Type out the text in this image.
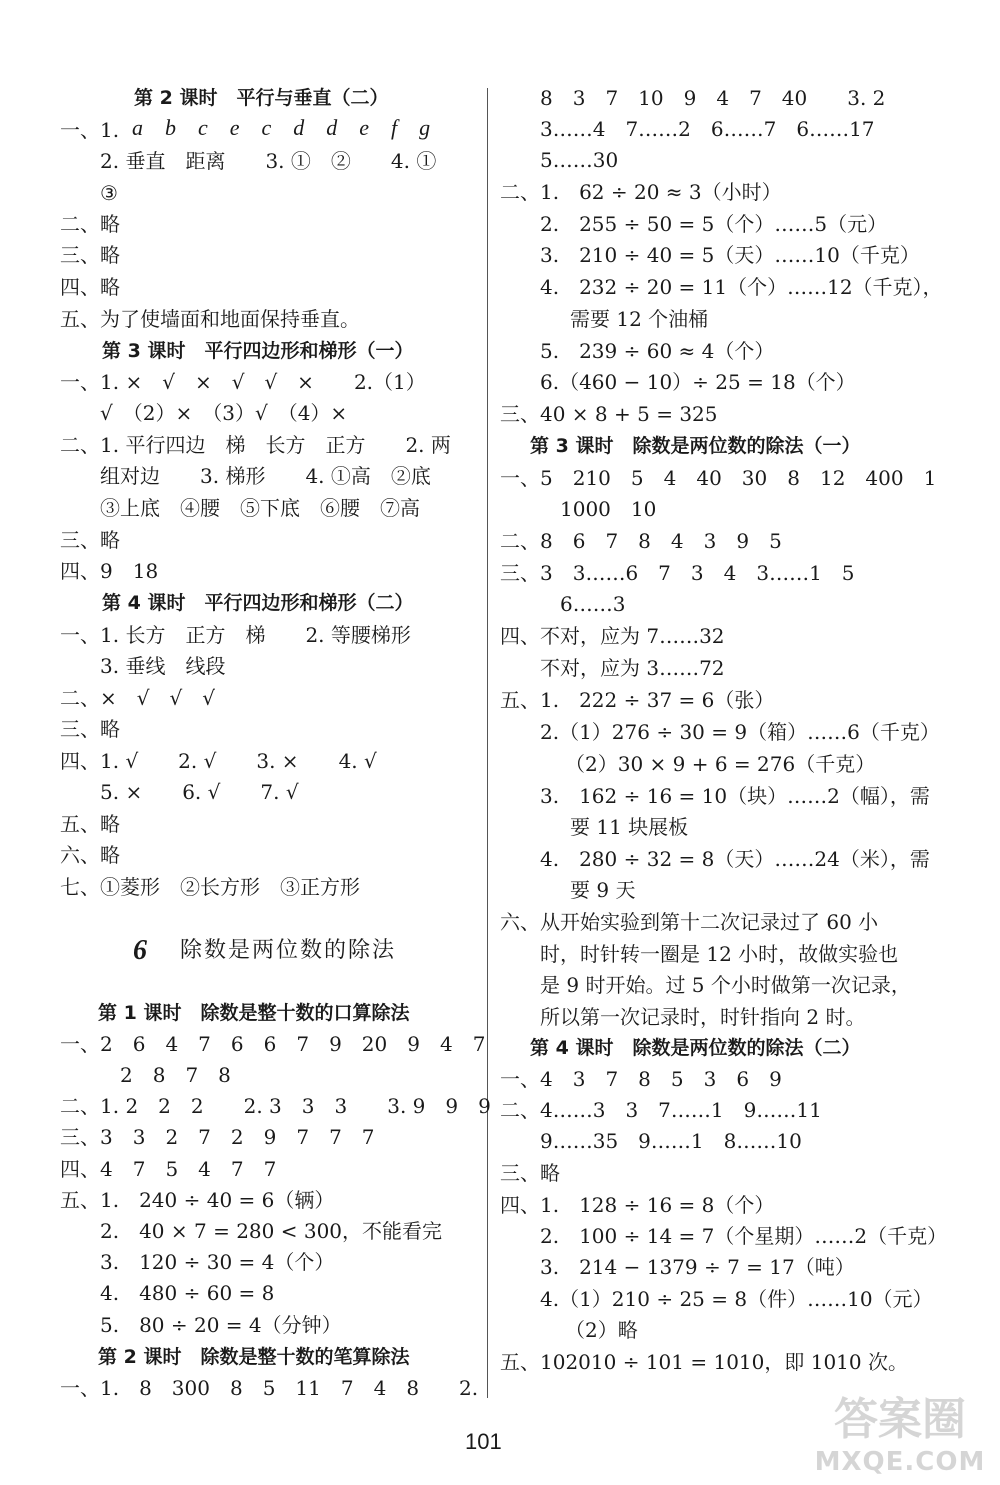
第 2 课时　平行与垂直（二）
一、1. a　b　c　e　c　d　d　e　f　g
2. 垂直　距离　　3. ①　②　　4. ①
③
二、略
三、略
四、略
五、为了使墙面和地面保持垂直。
第 3 课时　平行四边形和梯形（一）
一、1. ×　√　×　√　√　×　　2.（1）
√　（2）×　（3）√　（4）×
二、1. 平行四边　梯　长方　正方　　2. 两
组对边　　3. 梯形　　4. ①高　②底
③上底　④腰　⑤下底　⑥腰　⑦高
三、略
四、9　18
第 4 课时　平行四边形和梯形（二）
一、1. 长方　正方　梯　　2. 等腰梯形
3. 垂线　线段
二、×　√　√　√
三、略
四、1. √　　2. √　　3. ×　　4. √
5. ×　　6. √　　7. √
五、略
六、略
七、①菱形　②长方形　③正方形
6 除数是两位数的除法
第 1 课时　除数是整十数的口算除法
一、2　6　4　7　6　6　7　9　20　9　4　7
2　8　7　8
二、1. 2　2　2　　2. 3　3　3　　3. 9　9　9
三、3　3　2　7　2　9　7　7　7
四、4　7　5　4　7　7
五、1.　240 ÷ 40 = 6（辆）
2.　40 × 7 = 280 < 300，不能看完
3.　120 ÷ 30 = 4（个）
4.　480 ÷ 60 = 8
5.　80 ÷ 20 = 4（分钟）
第 2 课时　除数是整十数的笔算除法
一、1.　8　300　8　5　11　7　4　8　　2.
8　3　7　10　9　4　7　40　　3. 2
3……4　7……2　6……7　6……17
5……30
二、1.　62 ÷ 20 ≈ 3（小时）
2.　255 ÷ 50 = 5（个）……5（元）
3.　210 ÷ 40 = 5（天）……10（千克）
4.　232 ÷ 20 = 11（个）……12（千克），
需要 12 个油桶
5.　239 ÷ 60 ≈ 4（个）
6.（460 − 10）÷ 25 = 18（个）
三、40 × 8 + 5 = 325
第 3 课时　除数是两位数的除法（一）
一、5　210　5　4　40　30　8　12　400　1
1000　10
二、8　6　7　8　4　3　9　5
三、3　3……6　7　3　4　3……1　5
6……3
四、不对，应为 7……32
不对，应为 3……72
五、1.　222 ÷ 37 = 6（张）
2.（1）276 ÷ 30 = 9（箱）……6（千克）
（2）30 × 9 + 6 = 276（千克）
3.　162 ÷ 16 = 10（块）……2（幅），需
要 11 块展板
4.　280 ÷ 32 = 8（天）……24（米），需
要 9 天
六、从开始实验到第十二次记录过了 60 小
时，时针转一圈是 12 小时，故做实验也
是 9 时开始。过 5 个小时做第一次记录，
所以第一次记录时，时针指向 2 时。
第 4 课时　除数是两位数的除法（二）
一、4　3　7　8　5　3　6　9
二、4……3　3　7……1　9……11
9……35　9……1　8……10
三、略
四、1.　128 ÷ 16 = 8（个）
2.　100 ÷ 14 = 7（个星期）……2（千克）
3.　214 − 1379 ÷ 7 = 17（吨）
4.（1）210 ÷ 25 = 8（件）……10（元）
（2）略
五、102010 ÷ 101 = 1010，即 1010 次。
101	答案圈
MXQE.COM
